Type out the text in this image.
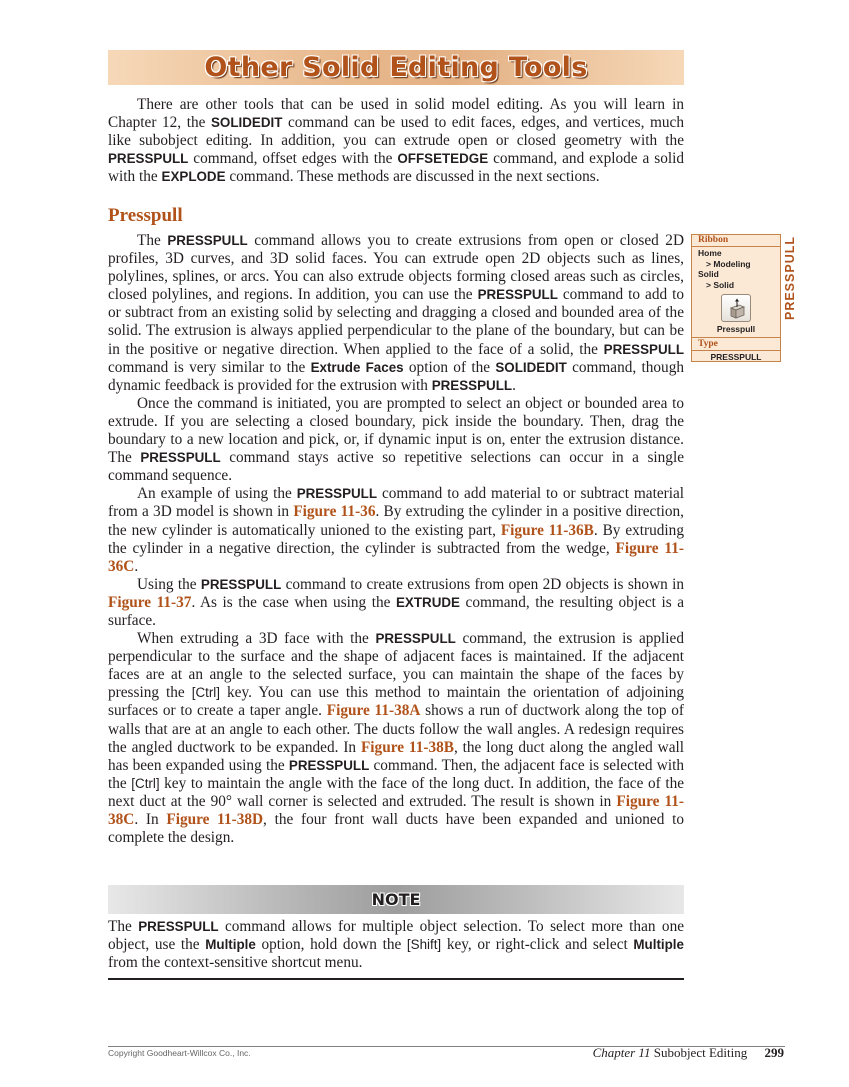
Other Solid Editing Tools

There are other tools that can be used in solid model editing. As you will learn in Chapter 12, the SOLIDEDIT command can be used to edit faces, edges, and vertices, much like subobject editing. In addition, you can extrude open or closed geometry with the PRESSPULL command, offset edges with the OFFSETEDGE command, and explode a solid with the EXPLODE command. These methods are discussed in the next sections.

Presspull

The PRESSPULL command allows you to create extrusions from open or closed 2D profiles, 3D curves, and 3D solid faces. You can extrude open 2D objects such as lines, polylines, splines, or arcs. You can also extrude objects forming closed areas such as circles, closed polylines, and regions. In addition, you can use the PRESSPULL command to add to or subtract from an existing solid by selecting and dragging a closed and bounded area of the solid. The extrusion is always applied perpendicular to the plane of the boundary, but can be in the positive or negative direction. When applied to the face of a solid, the PRESSPULL command is very similar to the Extrude Faces option of the SOLIDEDIT command, though dynamic feedback is provided for the extrusion with PRESSPULL.

Once the command is initiated, you are prompted to select an object or bounded area to extrude. If you are selecting a closed boundary, pick inside the boundary. Then, drag the boundary to a new location and pick, or, if dynamic input is on, enter the extrusion distance. The PRESSPULL command stays active so repetitive selections can occur in a single command sequence.

An example of using the PRESSPULL command to add material to or subtract material from a 3D model is shown in Figure 11-36. By extruding the cylinder in a positive direction, the new cylinder is automatically unioned to the existing part, Figure 11-36B. By extruding the cylinder in a negative direction, the cylinder is subtracted from the wedge, Figure 11-36C.

Using the PRESSPULL command to create extrusions from open 2D objects is shown in Figure 11-37. As is the case when using the EXTRUDE command, the resulting object is a surface.

When extruding a 3D face with the PRESSPULL command, the extrusion is applied perpendicular to the surface and the shape of adjacent faces is maintained. If the adjacent faces are at an angle to the selected surface, you can maintain the shape of the faces by pressing the [Ctrl] key. You can use this method to maintain the orientation of adjoining surfaces or to create a taper angle. Figure 11-38A shows a run of ductwork along the top of walls that are at an angle to each other. The ducts follow the wall angles. A redesign requires the angled ductwork to be expanded. In Figure 11-38B, the long duct along the angled wall has been expanded using the PRESSPULL command. Then, the adjacent face is selected with the [Ctrl] key to maintain the angle with the face of the long duct. In addition, the face of the next duct at the 90° wall corner is selected and extruded. The result is shown in Figure 11-38C. In Figure 11-38D, the four front wall ducts have been expanded and unioned to complete the design.

Ribbon
Home
> Modeling
Solid
> Solid
Presspull
Type
PRESSPULL
PRESSPULL
NOTE

The PRESSPULL command allows for multiple object selection. To select more than one object, use the Multiple option, hold down the [Shift] key, or right-click and select Multiple from the context-sensitive shortcut menu.

Copyright Goodheart-Willcox Co., Inc.	Chapter 11 Subobject Editing 299
